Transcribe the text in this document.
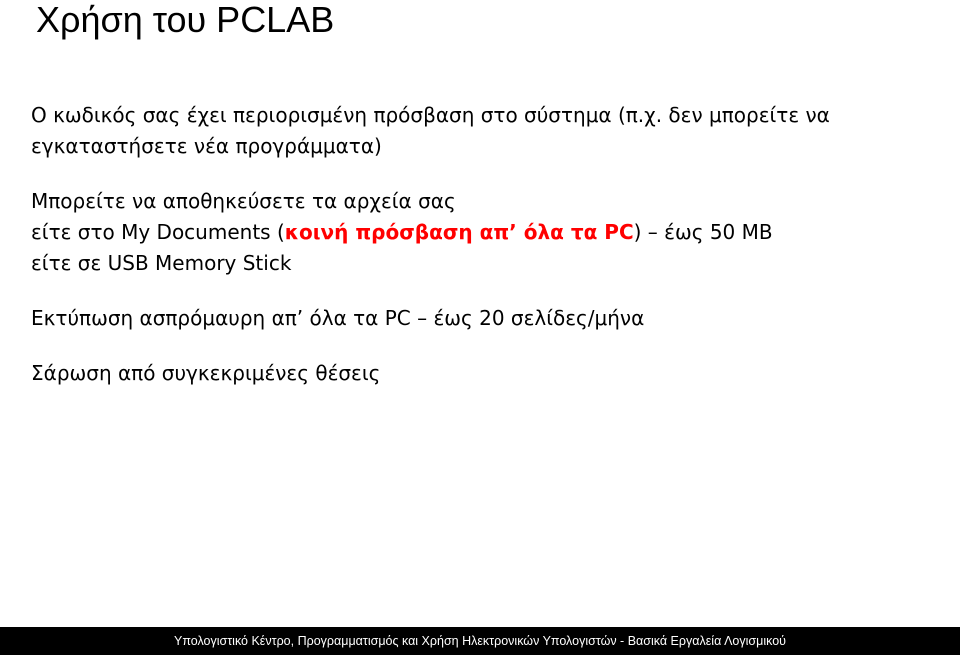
Χρήση του PCLAB
Ο κωδικός σας έχει περιορισμένη πρόσβαση στο σύστημα (π.χ. δεν μπορείτε να
εγκαταστήσετε νέα προγράμματα)
Μπορείτε να αποθηκεύσετε τα αρχεία σας
είτε στο My Documents (κοινή πρόσβαση απ’ όλα τα PC) – έως 50 MB
είτε σε USB Memory Stick
Εκτύπωση ασπρόμαυρη απ’ όλα τα PC – έως 20 σελίδες/μήνα
Σάρωση από συγκεκριμένες θέσεις
Υπολογιστικό Κέντρο, Προγραμματισμός και Χρήση Ηλεκτρονικών Υπολογιστών - Βασικά Εργαλεία Λογισμικού
